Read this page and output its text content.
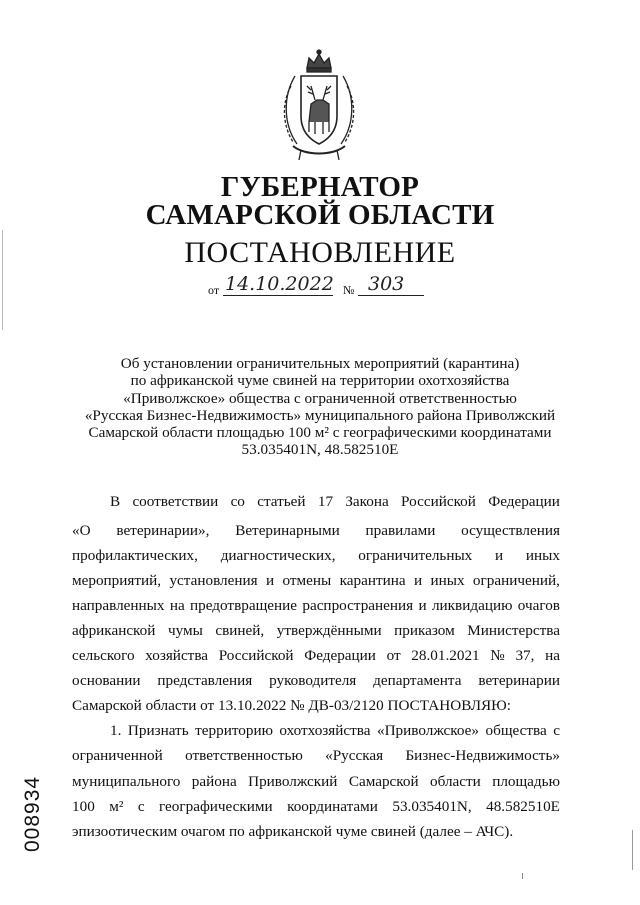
ГУБЕРНАТОР
САМАРСКОЙ ОБЛАСТИ
ПОСТАНОВЛЕНИЕ
от 14.10.2022 № 303
Об установлении ограничительных мероприятий (карантина)
по африканской чуме свиней на территории охотхозяйства
«Приволжское» общества с ограниченной ответственностью
«Русская Бизнес-Недвижимость» муниципального района Приволжский
Самарской области площадью 100 м² с географическими координатами
53.035401N, 48.582510E
В соответствии со статьей 17 Закона Российской Федерации
«О ветеринарии», Ветеринарными правилами осуществления
профилактических, диагностических, ограничительных и иных
мероприятий, установления и отмены карантина и иных ограничений,
направленных на предотвращение распространения и ликвидацию очагов
африканской чумы свиней, утверждёнными приказом Министерства
сельского хозяйства Российской Федерации от 28.01.2021 № 37, на
основании представления руководителя департамента ветеринарии
Самарской области от 13.10.2022 № ДВ-03/2120 ПОСТАНОВЛЯЮ:
1. Признать территорию охотхозяйства «Приволжское» общества с
ограниченной ответственностью «Русская Бизнес-Недвижимость»
муниципального района Приволжский Самарской области площадью
100 м² с географическими координатами 53.035401N, 48.582510E
эпизоотическим очагом по африканской чуме свиней (далее – АЧС).
008934
